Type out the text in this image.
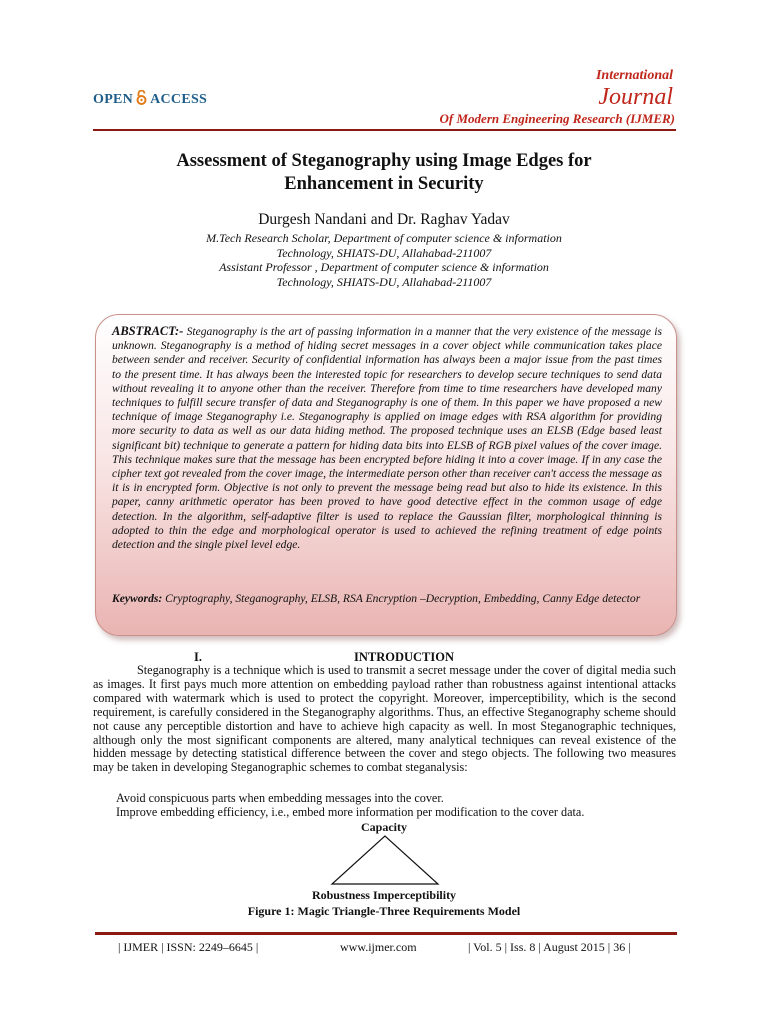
OPEN ACCESS
International
Journal
Of Modern Engineering Research (IJMER)
Assessment of Steganography using Image Edges for
Enhancement in Security
Durgesh Nandani and Dr. Raghav Yadav
M.Tech Research Scholar, Department of computer science & information
Technology, SHIATS-DU, Allahabad-211007
Assistant Professor , Department of computer science & information
Technology, SHIATS-DU, Allahabad-211007
ABSTRACT:- Steganography is the art of passing information in a manner that the very existence of the message is unknown. Steganography is a method of hiding secret messages in a cover object while communication takes place between sender and receiver. Security of confidential information has always been a major issue from the past times to the present time. It has always been the interested topic for researchers to develop secure techniques to send data without revealing it to anyone other than the receiver. Therefore from time to time researchers have developed many techniques to fulfill secure transfer of data and Steganography is one of them. In this paper we have proposed a new technique of image Steganography i.e. Steganography is applied on image edges with RSA algorithm for providing more security to data as well as our data hiding method. The proposed technique uses an ELSB (Edge based least significant bit) technique to generate a pattern for hiding data bits into ELSB of RGB pixel values of the cover image. This technique makes sure that the message has been encrypted before hiding it into a cover image. If in any case the cipher text got revealed from the cover image, the intermediate person other than receiver can't access the message as it is in encrypted form. Objective is not only to prevent the message being read but also to hide its existence. In this paper, canny arithmetic operator has been proved to have good detective effect in the common usage of edge detection. In the algorithm, self-adaptive filter is used to replace the Gaussian filter, morphological thinning is adopted to thin the edge and morphological operator is used to achieved the refining treatment of edge points detection and the single pixel level edge.
Keywords: Cryptography, Steganography, ELSB, RSA Encryption –Decryption, Embedding, Canny Edge detector
I.	INTRODUCTION
Steganography is a technique which is used to transmit a secret message under the cover of digital media such as images. It first pays much more attention on embedding payload rather than robustness against intentional attacks compared with watermark which is used to protect the copyright. Moreover, imperceptibility, which is the second requirement, is carefully considered in the Steganography algorithms. Thus, an effective Steganography scheme should not cause any perceptible distortion and have to achieve high capacity as well. In most Steganographic techniques, although only the most significant components are altered, many analytical techniques can reveal existence of the hidden message by detecting statistical difference between the cover and stego objects. The following two measures may be taken in developing Steganographic schemes to combat steganalysis:
Avoid conspicuous parts when embedding messages into the cover.
Improve embedding efficiency, i.e., embed more information per modification to the cover data.
Capacity
Robustness Imperceptibility
Figure 1: Magic Triangle-Three Requirements Model
| IJMER | ISSN: 2249–6645 |	www.ijmer.com	| Vol. 5 | Iss. 8 | August 2015 | 36 |
